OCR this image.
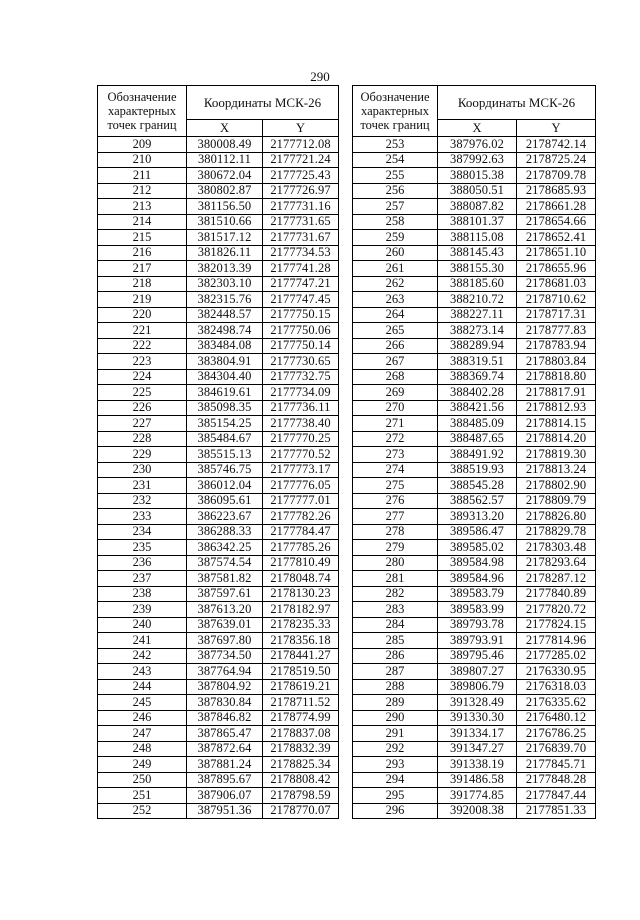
290
Обозначение
характерных
точек границ	Координаты МСК-26	
	X	Y
209	380008.49	2177712.08
210	380112.11	2177721.24
211	380672.04	2177725.43
212	380802.87	2177726.97
213	381156.50	2177731.16
214	381510.66	2177731.65
215	381517.12	2177731.67
216	381826.11	2177734.53
217	382013.39	2177741.28
218	382303.10	2177747.21
219	382315.76	2177747.45
220	382448.57	2177750.15
221	382498.74	2177750.06
222	383484.08	2177750.14
223	383804.91	2177730.65
224	384304.40	2177732.75
225	384619.61	2177734.09
226	385098.35	2177736.11
227	385154.25	2177738.40
228	385484.67	2177770.25
229	385515.13	2177770.52
230	385746.75	2177773.17
231	386012.04	2177776.05
232	386095.61	2177777.01
233	386223.67	2177782.26
234	386288.33	2177784.47
235	386342.25	2177785.26
236	387574.54	2177810.49
237	387581.82	2178048.74
238	387597.61	2178130.23
239	387613.20	2178182.97
240	387639.01	2178235.33
241	387697.80	2178356.18
242	387734.50	2178441.27
243	387764.94	2178519.50
244	387804.92	2178619.21
245	387830.84	2178711.52
246	387846.82	2178774.99
247	387865.47	2178837.08
248	387872.64	2178832.39
249	387881.24	2178825.34
250	387895.67	2178808.42
251	387906.07	2178798.59
252	387951.36	2178770.07
Обозначение
характерных
точек границ	Координаты МСК-26	
	X	Y
253	387976.02	2178742.14
254	387992.63	2178725.24
255	388015.38	2178709.78
256	388050.51	2178685.93
257	388087.82	2178661.28
258	388101.37	2178654.66
259	388115.08	2178652.41
260	388145.43	2178651.10
261	388155.30	2178655.96
262	388185.60	2178681.03
263	388210.72	2178710.62
264	388227.11	2178717.31
265	388273.14	2178777.83
266	388289.94	2178783.94
267	388319.51	2178803.84
268	388369.74	2178818.80
269	388402.28	2178817.91
270	388421.56	2178812.93
271	388485.09	2178814.15
272	388487.65	2178814.20
273	388491.92	2178819.30
274	388519.93	2178813.24
275	388545.28	2178802.90
276	388562.57	2178809.79
277	389313.20	2178826.80
278	389586.47	2178829.78
279	389585.02	2178303.48
280	389584.98	2178293.64
281	389584.96	2178287.12
282	389583.79	2177840.89
283	389583.99	2177820.72
284	389793.78	2177824.15
285	389793.91	2177814.96
286	389795.46	2177285.02
287	389807.27	2176330.95
288	389806.79	2176318.03
289	391328.49	2176335.62
290	391330.30	2176480.12
291	391334.17	2176786.25
292	391347.27	2176839.70
293	391338.19	2177845.71
294	391486.58	2177848.28
295	391774.85	2177847.44
296	392008.38	2177851.33
